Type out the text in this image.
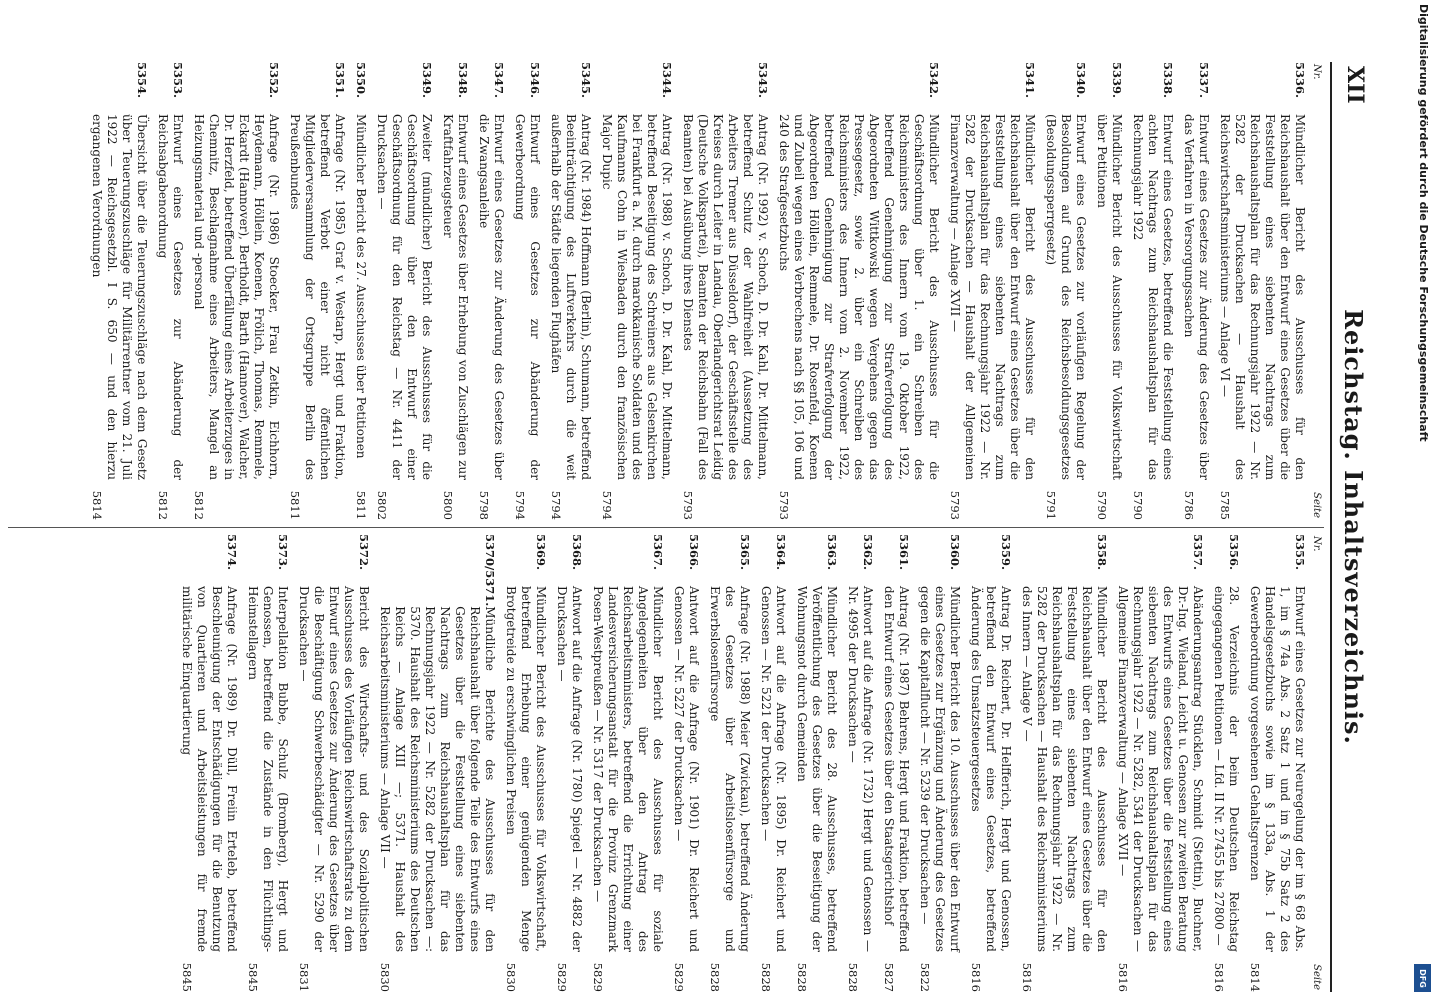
XII
Reichstag. Inhaltsverzeichnis.
Nr.
Seite
5336.
Mündlicher Bericht des Ausschusses für den Reichshaushalt über den Entwurf eines Gesetzes über die Feststellung eines siebenten Nachtrags zum Reichshaushaltsplan für das Rechnungsjahr 1922 — Nr. 5282 der Drucksachen — Haushalt des Reichswirtschaftsministeriums — Anlage VI —
5785
5337.
Entwurf eines Gesetzes zur Änderung des Gesetzes über das Verfahren in Versorgungssachen
5786
5338.
Entwurf eines Gesetzes, betreffend die Feststellung eines achten Nachtrags zum Reichshaushaltsplan für das Rechnungsjahr 1922
5790
5339.
Mündlicher Bericht des Ausschusses für Volkswirtschaft über Petitionen
5790
5340.
Entwurf eines Gesetzes zur vorläufigen Regelung der Besoldungen auf Grund des Reichsbesoldungsgesetzes (Besoldungssperrgesetz)
5791
5341.
Mündlicher Bericht des Ausschusses für den Reichshaushalt über den Entwurf eines Gesetzes über die Feststellung eines siebenten Nachtrags zum Reichshaushaltsplan für das Rechnungsjahr 1922 — Nr. 5282 der Drucksachen — Haushalt der Allgemeinen Finanzverwaltung — Anlage XVII —
5793
5342.
Mündlicher Bericht des Ausschusses für die Geschäftsordnung über 1. ein Schreiben des Reichsministers des Innern vom 19. Oktober 1922, betreffend Genehmigung zur Strafverfolgung des Abgeordneten Wittkowski wegen Vergehens gegen das Pressegesetz, sowie 2. über ein Schreiben des Reichsministers des Innern vom 2. November 1922, betreffend Genehmigung zur Strafverfolgung der Abgeordneten Höllein, Remmele, Dr. Rosenfeld, Koenen und Zubeil wegen eines Verbrechens nach §§ 105, 106 und 240 des Strafgesetzbuchs
5793
5343.
Antrag (Nr. 1992) v. Schoch, D. Dr. Kahl, Dr. Mittelmann, betreffend Schutz der Wahlfreiheit (Aussetzung des Arbeiters Tremer aus Düsseldorf), der Geschäftsstelle des Kreises durch Leiter in Landau, Oberlandgerichtsrat Leidig (Deutsche Volkspartei), Beamten der Reichsbahn (Fall des Beamten) bei Ausübung ihres Dienstes
5793
5344.
Antrag (Nr. 1988) v. Schoch, D. Dr. Kahl, Dr. Mittelmann, betreffend Beseitigung des Schreiners aus Gelsenkirchen bei Frankfurt a. M. durch marokkanische Soldaten und des Kaufmanns Cohn in Wiesbaden durch den französischen Major Dupic
5794
5345.
Antrag (Nr. 1984) Hoffmann (Berlin), Schumann, betreffend Beeinträchtigung des Luftverkehrs durch die weit außerhalb der Städte liegenden Flughäfen
5794
5346.
Entwurf eines Gesetzes zur Abänderung der Gewerbeordnung
5794
5347.
Entwurf eines Gesetzes zur Änderung des Gesetzes über die Zwangsanleihe
5798
5348.
Entwurf eines Gesetzes über Erhebung von Zuschlägen zur Kraftfahrzeugsteuer
5800
5349.
Zweiter (mündlicher) Bericht des Ausschusses für die Geschäftsordnung über den Entwurf einer Geschäftsordnung für den Reichstag — Nr. 4411 der Drucksachen —
5802
5350.
Mündlicher Bericht des 27. Ausschusses über Petitionen
5811
5351.
Anfrage (Nr. 1985) Graf v. Westarp, Hergt und Fraktion, betreffend Verbot einer nicht öffentlichen Mitgliederversammlung der Ortsgruppe Berlin des Preußenbundes
5811
5352.
Anfrage (Nr. 1986) Stoecker, Frau Zetkin, Eichhorn, Heydemann, Höllein, Koenen, Frölich, Thomas, Remmele, Eckardt (Hannover), Bertholdt, Barth (Hannover), Walcher, Dr. Herzfeld, betreffend Überfällung eines Arbeiterzuges in Chemnitz, Beschlagnahme eines Arbeiters, Mangel an Heizungsmaterial und -personal
5812
5353.
Entwurf eines Gesetzes zur Abänderung der Reichsabgabenordnung
5812
5354.
Übersicht über die Teuerungszuschläge nach dem Gesetz über Teuerungszuschläge für Militärrentner vom 21. Juli 1922 — Reichsgesetzbl. I S. 650 — und den hierzu ergangenen Verordnungen
5814
Nr.
Seite
5355.
Entwurf eines Gesetzes zur Neuregelung der im § 68 Abs. 1, im § 74a Abs. 2 Satz 1 und im § 75b Satz 2 des Handelsgesetzbuchs sowie im § 133a, Abs. 1 der Gewerbeordnung vorgesehenen Gehaltsgrenzen
5814
5356.
28. Verzeichnis der beim Deutschen Reichstag eingegangenen Petitionen — Lfd. II Nr. 27455 bis 27800 —
5816
5357.
Abänderungsantrag Stücklen, Schmidt (Stettin), Buchner, Dr.-Ing. Wieland, Leicht u. Genossen zur zweiten Beratung des Entwurfs eines Gesetzes über die Feststellung eines siebenten Nachtrags zum Reichshaushaltsplan für das Rechnungsjahr 1922 — Nr. 5282, 5341 der Drucksachen — Allgemeine Finanzverwaltung — Anlage XVII —
5816
5358.
Mündlicher Bericht des Ausschusses für den Reichshaushalt über den Entwurf eines Gesetzes über die Feststellung eines siebenten Nachtrags zum Reichshaushaltsplan für das Rechnungsjahr 1922 — Nr. 5282 der Drucksachen — Haushalt des Reichsministeriums des Innern — Anlage V —
5816
5359.
Antrag Dr. Reichert, Dr. Helfferich, Hergt und Genossen, betreffend den Entwurf eines Gesetzes, betreffend Änderung des Umsatzsteuergesetzes
5816
5360.
Mündlicher Bericht des 10. Ausschusses über den Entwurf eines Gesetzes zur Ergänzung und Änderung des Gesetzes gegen die Kapitalflucht — Nr. 5239 der Drucksachen —
5822
5361.
Antrag (Nr. 1987) Behrens, Hergt und Fraktion, betreffend den Entwurf eines Gesetzes über den Staatsgerichtshof
5827
5362.
Antwort auf die Anfrage (Nr. 1732) Hergt und Genossen — Nr. 4995 der Drucksachen —
5828
5363.
Mündlicher Bericht des 28. Ausschusses, betreffend Veröffentlichung des Gesetzes über die Beseitigung der Wohnungsnot durch Gemeinden
5828
5364.
Antwort auf die Anfrage (Nr. 1895) Dr. Reichert und Genossen — Nr. 5221 der Drucksachen —
5828
5365.
Anfrage (Nr. 1988) Meier (Zwickau), betreffend Änderung des Gesetzes über Arbeitslosenfürsorge und Erwerbslosenfürsorge
5828
5366.
Antwort auf die Anfrage (Nr. 1901) Dr. Reichert und Genossen — Nr. 5227 der Drucksachen —
5829
5367.
Mündlicher Bericht des Ausschusses für soziale Angelegenheiten über den Antrag des Reichsarbeitsministers, betreffend die Errichtung einer Landesversicherungsanstalt für die Provinz Grenzmark Posen-Westpreußen — Nr. 5317 der Drucksachen —
5829
5368.
Antwort auf die Anfrage (Nr. 1780) Spiegel — Nr. 4882 der Drucksachen —
5829
5369.
Mündlicher Bericht des Ausschusses für Volkswirtschaft, betreffend Erhebung einer genügenden Menge Brotgetreide zu erschwinglichen Preisen
5830
5370/5371.
Mündliche Berichte des Ausschusses für den Reichshaushalt über folgende Teile des Entwurfs eines Gesetzes über die Feststellung eines siebenten Nachtrags zum Reichshaushaltsplan für das Rechnungsjahr 1922 — Nr. 5282 der Drucksachen —: 5370. Haushalt des Reichsministeriums des Deutschen Reichs — Anlage XIII —; 5371. Haushalt des Reichsarbeitsministeriums — Anlage VII —
5830
5372.
Bericht des Wirtschafts- und des Sozialpolitischen Ausschusses des Vorläufigen Reichswirtschaftsrats zu dem Entwurf eines Gesetzes zur Änderung des Gesetzes über die Beschäftigung Schwerbeschädigter — Nr. 5290 der Drucksachen —
5831
5373.
Interpellation Bubbe, Schulz (Bromberg), Hergt und Genossen, betreffend die Zustände in den Flüchtlings-Heimstellagern
5845
5374.
Anfrage (Nr. 1989) Dr. Düll, Freiin Erteleb, betreffend Beschleunigung der Entschädigungen für die Benutzung von Quartieren und Arbeitsleistungen für fremde militärische Einquartierung
5845
Digitalisierung gefördert durch die Deutsche Forschungsgemeinschaft
DFG
